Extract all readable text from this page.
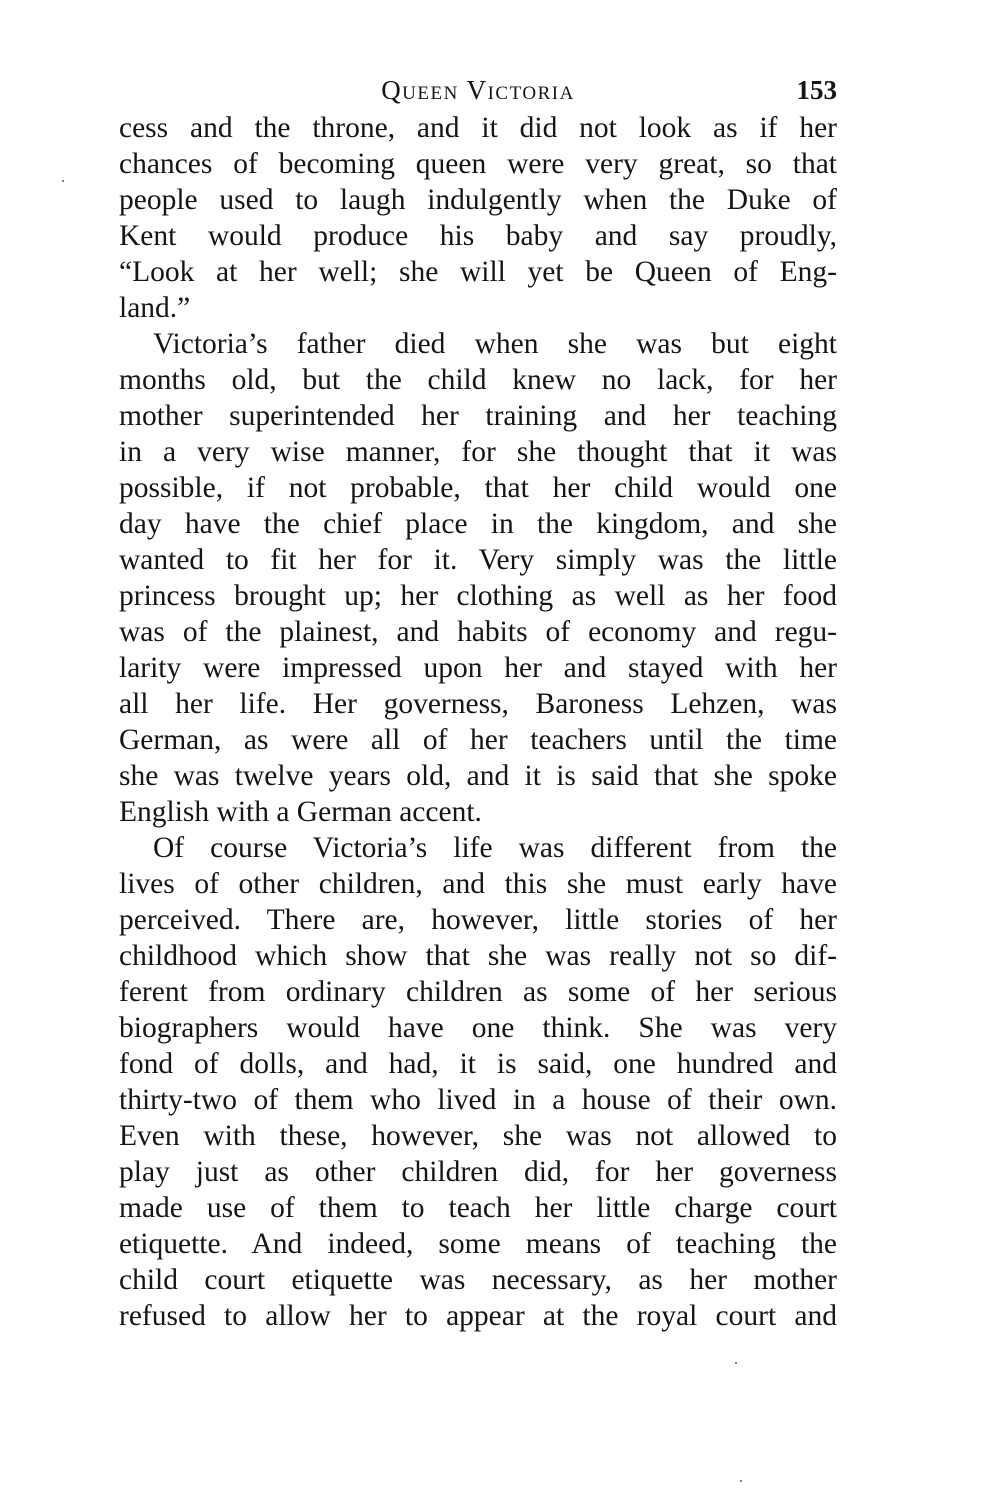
Queen Victoria	153
cess and the throne, and it did not look as if her
chances of becoming queen were very great, so that
people used to laugh indulgently when the Duke of
Kent would produce his baby and say proudly,
“Look at her well; she will yet be Queen of Eng-
land.”
Victoria’s father died when she was but eight
months old, but the child knew no lack, for her
mother superintended her training and her teaching
in a very wise manner, for she thought that it was
possible, if not probable, that her child would one
day have the chief place in the kingdom, and she
wanted to fit her for it. Very simply was the little
princess brought up; her clothing as well as her food
was of the plainest, and habits of economy and regu-
larity were impressed upon her and stayed with her
all her life. Her governess, Baroness Lehzen, was
German, as were all of her teachers until the time
she was twelve years old, and it is said that she spoke
English with a German accent.
Of course Victoria’s life was different from the
lives of other children, and this she must early have
perceived. There are, however, little stories of her
childhood which show that she was really not so dif-
ferent from ordinary children as some of her serious
biographers would have one think. She was very
fond of dolls, and had, it is said, one hundred and
thirty-two of them who lived in a house of their own.
Even with these, however, she was not allowed to
play just as other children did, for her governess
made use of them to teach her little charge court
etiquette. And indeed, some means of teaching the
child court etiquette was necessary, as her mother
refused to allow her to appear at the royal court and
